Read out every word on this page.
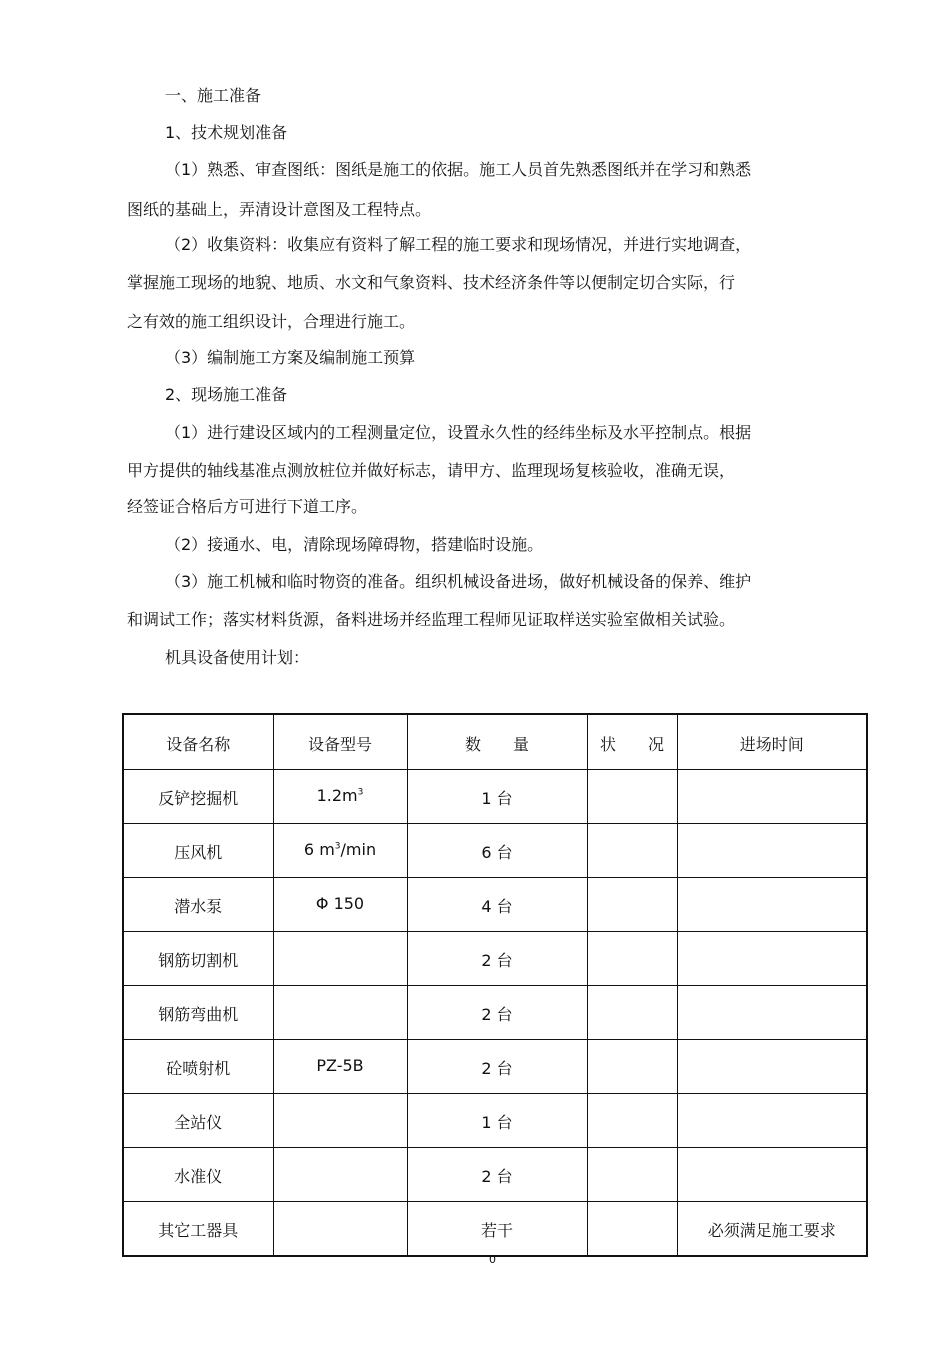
一、施工准备
1、技术规划准备
（1）熟悉、审查图纸：图纸是施工的依据。施工人员首先熟悉图纸并在学习和熟悉
图纸的基础上，弄清设计意图及工程特点。
（2）收集资料：收集应有资料了解工程的施工要求和现场情况，并进行实地调查，
掌握施工现场的地貌、地质、水文和气象资料、技术经济条件等以便制定切合实际，行
之有效的施工组织设计，合理进行施工。
（3）编制施工方案及编制施工预算
2、现场施工准备
（1）进行建设区域内的工程测量定位，设置永久性的经纬坐标及水平控制点。根据
甲方提供的轴线基准点测放桩位并做好标志，请甲方、监理现场复核验收，准确无误，
经签证合格后方可进行下道工序。
（2）接通水、电，清除现场障碍物，搭建临时设施。
（3）施工机械和临时物资的准备。组织机械设备进场，做好机械设备的保养、维护
和调试工作；落实材料货源，备料进场并经监理工程师见证取样送实验室做相关试验。
机具设备使用计划：
设备名称	设备型号	数　　量	状　　况	进场时间
反铲挖掘机	$1.2m^3$	1 台		
压风机	6 $m^3/\min$	6 台		
潜水泵	Φ 150	4 台		
钢筋切割机		2 台		
钢筋弯曲机		2 台		
砼喷射机	PZ-5B	2 台		
全站仪		1 台		
水准仪		2 台		
其它工器具		若干		必须满足施工要求
0
